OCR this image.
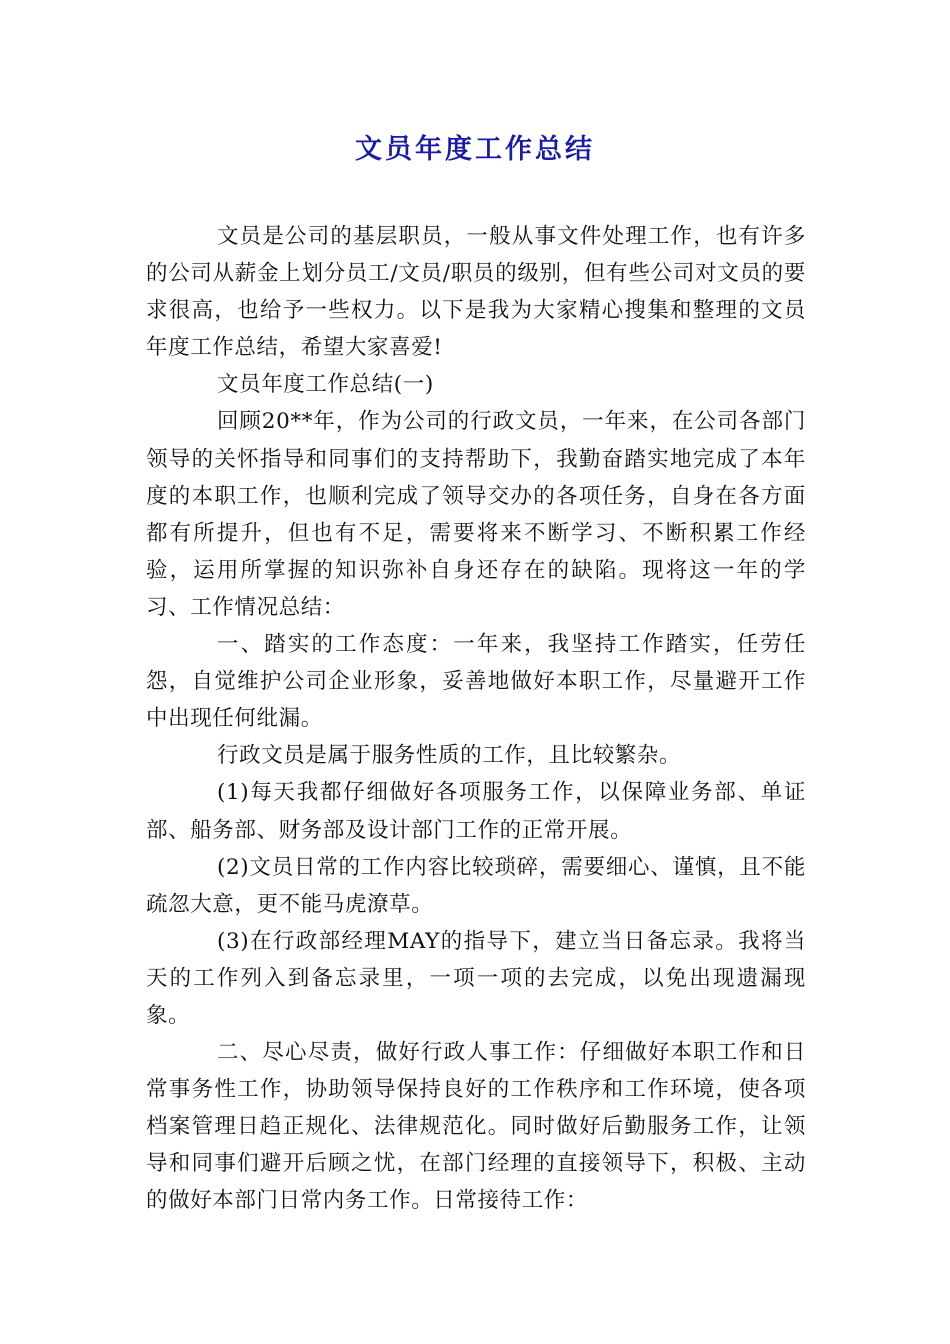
文员年度工作总结

文员是公司的基层职员，一般从事文件处理工作，也有许多的公司从薪金上划分员工/文员/职员的级别，但有些公司对文员的要求很高，也给予一些权力。以下是我为大家精心搜集和整理的文员年度工作总结，希望大家喜爱!

文员年度工作总结(一)

回顾20**年，作为公司的行政文员，一年来，在公司各部门领导的关怀指导和同事们的支持帮助下，我勤奋踏实地完成了本年度的本职工作，也顺利完成了领导交办的各项任务，自身在各方面都有所提升，但也有不足，需要将来不断学习、不断积累工作经验，运用所掌握的知识弥补自身还存在的缺陷。现将这一年的学习、工作情况总结：

一、踏实的工作态度：一年来，我坚持工作踏实，任劳任怨，自觉维护公司企业形象，妥善地做好本职工作，尽量避开工作中出现任何纰漏。

行政文员是属于服务性质的工作，且比较繁杂。

(1)每天我都仔细做好各项服务工作，以保障业务部、单证部、船务部、财务部及设计部门工作的正常开展。

(2)文员日常的工作内容比较琐碎，需要细心、谨慎，且不能疏忽大意，更不能马虎潦草。

(3)在行政部经理MAY的指导下，建立当日备忘录。我将当天的工作列入到备忘录里，一项一项的去完成，以免出现遗漏现象。

二、尽心尽责，做好行政人事工作：仔细做好本职工作和日常事务性工作，协助领导保持良好的工作秩序和工作环境，使各项档案管理日趋正规化、法律规范化。同时做好后勤服务工作，让领导和同事们避开后顾之忧，在部门经理的直接领导下，积极、主动的做好本部门日常内务工作。日常接待工作：
